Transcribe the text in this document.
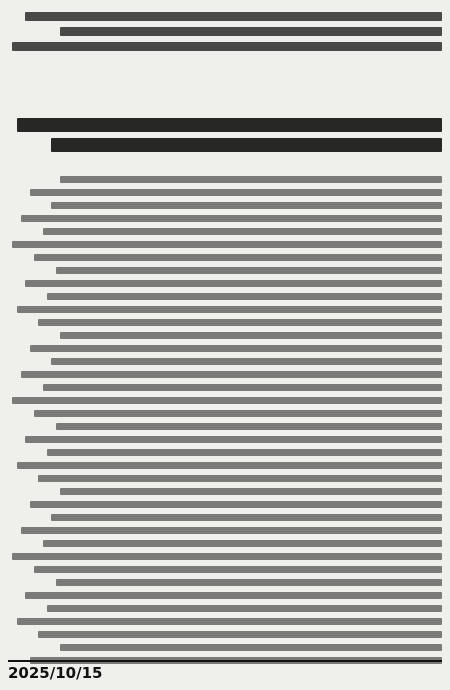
2025/10/15
